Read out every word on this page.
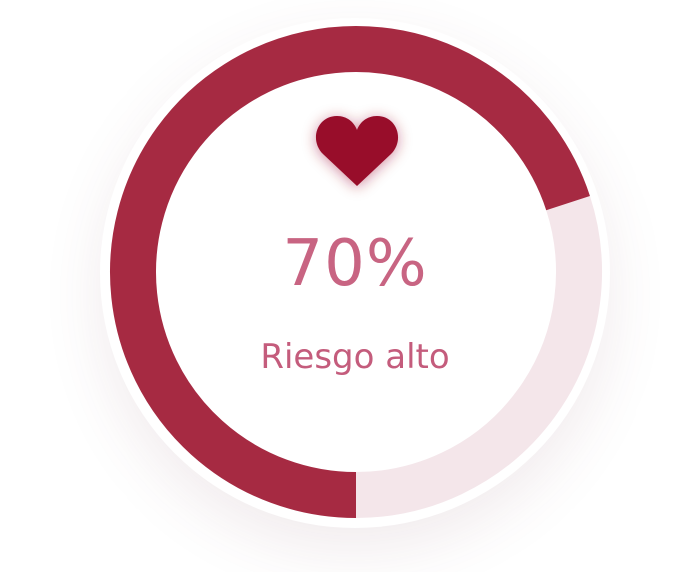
70%
Riesgo alto
